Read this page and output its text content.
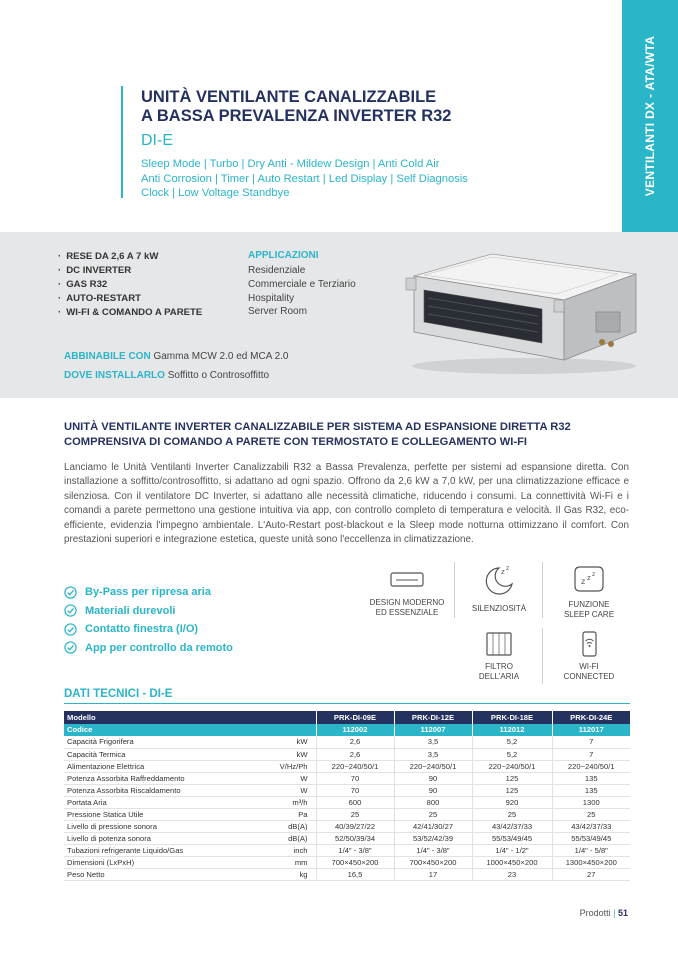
VENTILANTI DX - ATA/WTA
UNITÀ VENTILANTE CANALIZZABILE
A BASSA PREVALENZA INVERTER R32
DI-E
Sleep Mode | Turbo | Dry Anti - Mildew Design | Anti Cold Air
Anti Corrosion | Timer | Auto Restart | Led Display | Self Diagnosis
Clock | Low Voltage Standbye
· RESE DA 2,6 A 7 kW
· DC INVERTER
· GAS R32
· AUTO-RESTART
· WI-FI & COMANDO A PARETE
APPLICAZIONI
Residenziale
Commerciale e Terziario
Hospitality
Server Room
ABBINABILE CON Gamma MCW 2.0 ed MCA 2.0
DOVE INSTALLARLO Soffitto o Controsoffitto
UNITÀ VENTILANTE INVERTER CANALIZZABILE PER SISTEMA AD ESPANSIONE DIRETTA R32
COMPRENSIVA DI COMANDO A PARETE CON TERMOSTATO E COLLEGAMENTO WI-FI

Lanciamo le Unità Ventilanti Inverter Canalizzabili R32 a Bassa Prevalenza, perfette per sistemi ad espansione diretta. Con installazione a soffitto/controsoffitto, si adattano ad ogni spazio. Offrono da 2,6 kW a 7,0 kW, per una climatizzazione efficace e silenziosa. Con il ventilatore DC Inverter, si adattano alle necessità climatiche, riducendo i consumi. La connettività Wi-Fi e i comandi a parete permettono una gestione intuitiva via app, con controllo completo di temperatura e velocità. Il Gas R32, eco-efficiente, evidenzia l'impegno ambientale. L'Auto-Restart post-blackout e la Sleep mode notturna ottimizzano il comfort. Con prestazioni superiori e integrazione estetica, queste unità sono l'eccellenza in climatizzazione.

By-Pass per ripresa aria
Materiali durevoli
Contatto finestra (I/O)
App per controllo da remoto
DESIGN MODERNO
ED ESSENZIALE
z z
SILENZIOSITÀ
z z z
FUNZIONE
SLEEP CARE
FILTRO
DELL'ARIA
WI-FI
CONNECTED
DATI TECNICI - DI-E
Modello		PRK-DI-09E	PRK-DI-12E	PRK-DI-18E	PRK-DI-24E
Codice		112002	112007	112012	112017
Capacità Frigorifera	kW	2,6	3,5	5,2	7
Capacità Termica	kW	2,6	3,5	5,2	7
Alimentazione Elettrica	V/Hz/Ph	220~240/50/1	220~240/50/1	220~240/50/1	220~240/50/1
Potenza Assorbita Raffreddamento	W	70	90	125	135
Potenza Assorbita Riscaldamento	W	70	90	125	135
Portata Aria	m³/h	600	800	920	1300
Pressione Statica Utile	Pa	25	25	25	25
Livello di pressione sonora	dB(A)	40/39/27/22	42/41/30/27	43/42/37/33	43/42/37/33
Livello di potenza sonora	dB(A)	52/50/39/34	53/52/42/39	55/53/49/45	55/53/49/45
Tubazioni refrigerante Liquido/Gas	inch	1/4" - 3/8"	1/4" - 3/8"	1/4" - 1/2"	1/4" - 5/8"
Dimensioni (LxPxH)	mm	700×450×200	700×450×200	1000×450×200	1300×450×200
Peso Netto	kg	16,5	17	23	27
Prodotti | 51
